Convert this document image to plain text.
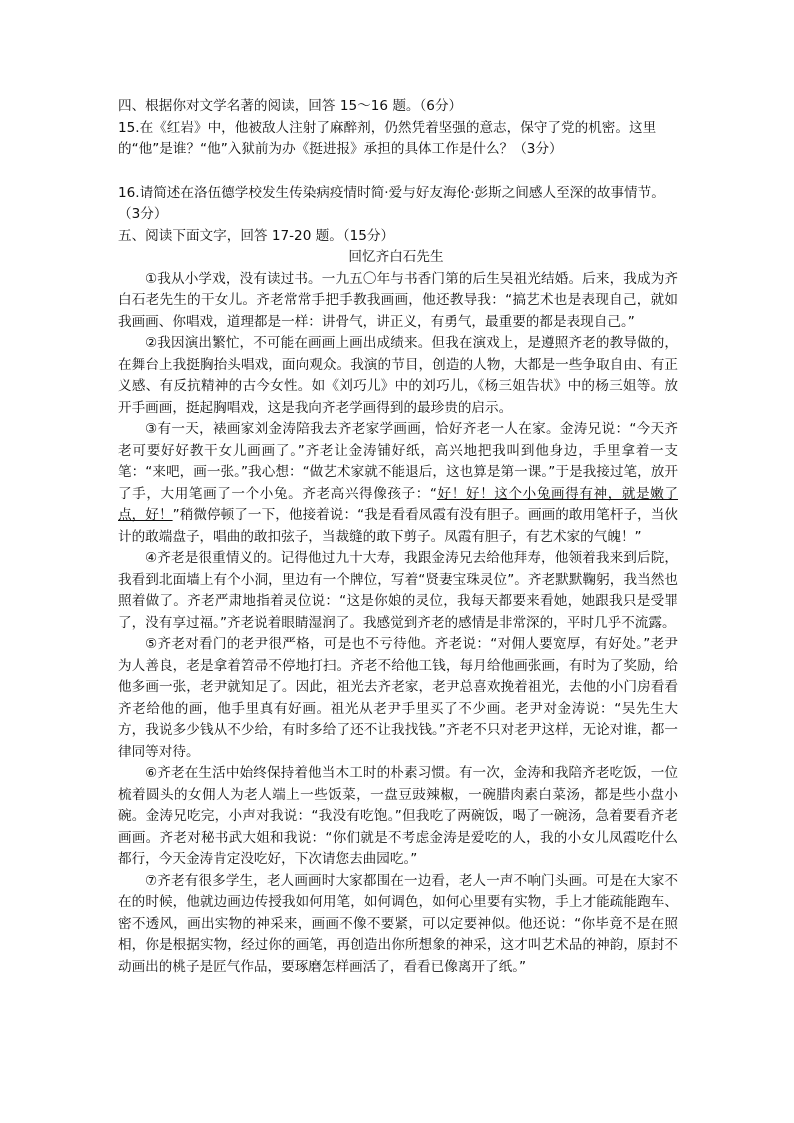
四、根据你对文学名著的阅读，回答 15～16 题。（6分）
15.在《红岩》中，他被敌人注射了麻醉剂，仍然凭着坚强的意志，保守了党的机密。这里的“他”是谁？“他”入狱前为办《挺进报》承担的具体工作是什么？（3分）
16.请简述在洛伍德学校发生传染病疫情时简·爱与好友海伦·彭斯之间感人至深的故事情节。（3分）
五、阅读下面文字，回答 17-20 题。（15分）
回忆齐白石先生
①我从小学戏，没有读过书。一九五〇年与书香门第的后生吴祖光结婚。后来，我成为齐白石老先生的干女儿。齐老常常手把手教我画画，他还教导我：“搞艺术也是表现自己，就如我画画、你唱戏，道理都是一样：讲骨气，讲正义，有勇气，最重要的都是表现自己。”
②我因演出繁忙，不可能在画画上画出成绩来。但我在演戏上，是遵照齐老的教导做的，在舞台上我挺胸抬头唱戏，面向观众。我演的节目，创造的人物，大都是一些争取自由、有正义感、有反抗精神的古今女性。如《刘巧儿》中的刘巧儿，《杨三姐告状》中的杨三姐等。放开手画画，挺起胸唱戏，这是我向齐老学画得到的最珍贵的启示。
③有一天，裱画家刘金涛陪我去齐老家学画画，恰好齐老一人在家。金涛兄说：“今天齐老可要好好教干女儿画画了。”齐老让金涛铺好纸，高兴地把我叫到他身边，手里拿着一支笔：“来吧，画一张。”我心想：“做艺术家就不能退后，这也算是第一课。”于是我接过笔，放开了手，大用笔画了一个小兔。齐老高兴得像孩子：“好！好！这个小兔画得有神，就是嫩了点，好！”稍微停顿了一下，他接着说：“我是看看凤霞有没有胆子。画画的敢用笔杆子，当伙计的敢端盘子，唱曲的敢扣弦子，当裁缝的敢下剪子。凤霞有胆子，有艺术家的气魄！”
④齐老是很重情义的。记得他过九十大寿，我跟金涛兄去给他拜寿，他领着我来到后院，我看到北面墙上有个小洞，里边有一个牌位，写着“贤妻宝珠灵位”。齐老默默鞠躬，我当然也照着做了。齐老严肃地指着灵位说：“这是你娘的灵位，我每天都要来看她，她跟我只是受罪了，没有享过福。”齐老说着眼睛湿润了。我感觉到齐老的感情是非常深的，平时几乎不流露。
⑤齐老对看门的老尹很严格，可是也不亏待他。齐老说：“对佣人要宽厚，有好处。”老尹为人善良，老是拿着笤帚不停地打扫。齐老不给他工钱，每月给他画张画，有时为了奖励，给他多画一张，老尹就知足了。因此，祖光去齐老家，老尹总喜欢挽着祖光，去他的小门房看看齐老给他的画，他手里真有好画。祖光从老尹手里买了不少画。老尹对金涛说：“吴先生大方，我说多少钱从不少给，有时多给了还不让我找钱。”齐老不只对老尹这样，无论对谁，都一律同等对待。
⑥齐老在生活中始终保持着他当木工时的朴素习惯。有一次，金涛和我陪齐老吃饭，一位梳着圆头的女佣人为老人端上一些饭菜，一盘豆豉辣椒，一碗腊肉素白菜汤，都是些小盘小碗。金涛兄吃完，小声对我说：“我没有吃饱。”但我吃了两碗饭，喝了一碗汤，急着要看齐老画画。齐老对秘书武大姐和我说：“你们就是不考虑金涛是爱吃的人，我的小女儿凤霞吃什么都行，今天金涛肯定没吃好，下次请您去曲园吃。”
⑦齐老有很多学生，老人画画时大家都围在一边看，老人一声不响门头画。可是在大家不在的时候，他就边画边传授我如何用笔，如何调色，如何心里要有实物，手上才能疏能跑车、密不透风，画出实物的神采来，画画不像不要紧，可以定要神似。他还说：“你毕竟不是在照相，你是根据实物，经过你的画笔，再创造出你所想象的神采，这才叫艺术品的神韵，原封不动画出的桃子是匠气作品，要琢磨怎样画活了，看看已像离开了纸。”
